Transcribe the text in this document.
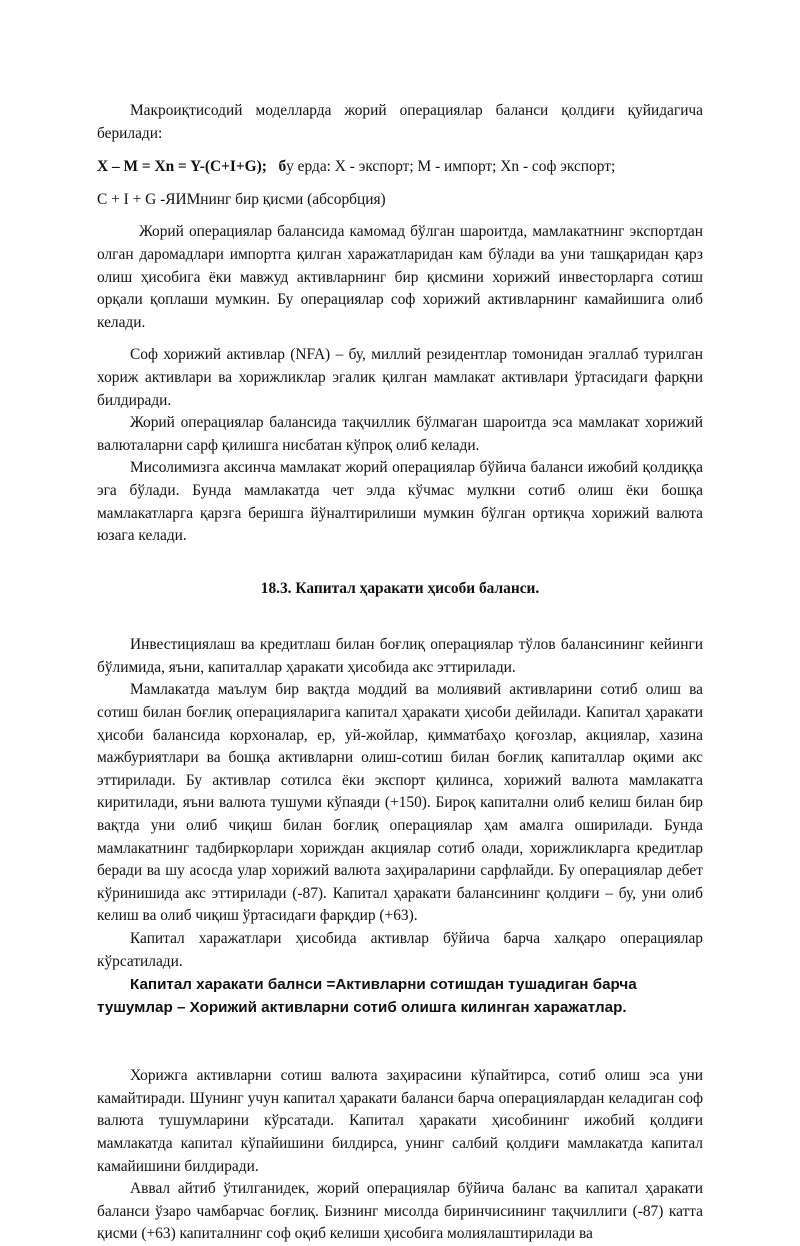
Макроиқтисодий моделларда жорий операциялар баланси қолдиғи қуйидагича берилади:

X – M = Xn = Y-(C+I+G); бу ерда: Х - экспорт; М - импорт; Xn - соф экспорт;

C + I + G -ЯИМнинг бир қисми (абсорбция)

Жорий операциялар балансида камомад бўлган шароитда, мамлакатнинг экспортдан олган даромадлари импортга қилган харажатларидан кам бўлади ва уни ташқаридан қарз олиш ҳисобига ёки мавжуд активларнинг бир қисмини хорижий инвесторларга сотиш орқали қоплаши мумкин. Бу операциялар соф хорижий активларнинг камайишига олиб келади.

Соф хорижий активлар (NFA) – бу, миллий резидентлар томонидан эгаллаб турилган хориж активлари ва хорижликлар эгалик қилган мамлакат активлари ўртасидаги фарқни билдиради.

Жорий операциялар балансида тақчиллик бўлмаган шароитда эса мамлакат хорижий валюталарни сарф қилишга нисбатан кўпроқ олиб келади.

Мисолимизга аксинча мамлакат жорий операциялар бўйича баланси ижобий қолдиққа эга бўлади. Бунда мамлакатда чет элда кўчмас мулкни сотиб олиш ёки бошқа мамлакатларга қарзга беришга йўналтирилиши мумкин бўлган ортиқча хорижий валюта юзага келади.

18.3. Капитал ҳаракати ҳисоби баланси.

Инвестициялаш ва кредитлаш билан боғлиқ операциялар тўлов балансининг кейинги бўлимида, яъни, капиталлар ҳаракати ҳисобида акс эттирилади.

Мамлакатда маълум бир вақтда моддий ва молиявий активларини сотиб олиш ва сотиш билан боғлиқ операцияларига капитал ҳаракати ҳисоби дейилади. Капитал ҳаракати ҳисоби балансида корхоналар, ер, уй-жойлар, қимматбаҳо қоғозлар, акциялар, хазина мажбуриятлари ва бошқа активларни олиш-сотиш билан боғлиқ капиталлар оқими акс эттирилади. Бу активлар сотилса ёки экспорт қилинса, хорижий валюта мамлакатга киритилади, яъни валюта тушуми кўпаяди (+150). Бироқ капитални олиб келиш билан бир вақтда уни олиб чиқиш билан боғлиқ операциялар ҳам амалга оширилади. Бунда мамлакатнинг тадбиркорлари хориждан акциялар сотиб олади, хорижликларга кредитлар беради ва шу асосда улар хорижий валюта заҳираларини сарфлайди. Бу операциялар дебет кўринишида акс эттирилади (-87). Капитал ҳаракати балансининг қолдиғи – бу, уни олиб келиш ва олиб чиқиш ўртасидаги фарқдир (+63).

Капитал харажатлари ҳисобида активлар бўйича барча халқаро операциялар кўрсатилади.

Капитал харакати балнси =Активларни сотишдан тушадиган барча тушумлар – Хорижий активларни сотиб олишга килинган харажатлар.

Хорижга активларни сотиш валюта заҳирасини кўпайтирса, сотиб олиш эса уни камайтиради. Шунинг учун капитал ҳаракати баланси барча операциялардан келадиган соф валюта тушумларини кўрсатади. Капитал ҳаракати ҳисобининг ижобий қолдиғи мамлакатда капитал кўпайишини билдирса, унинг салбий қолдиғи мамлакатда капитал камайишини билдиради.

Аввал айтиб ўтилганидек, жорий операциялар бўйича баланс ва капитал ҳаракати баланси ўзаро чамбарчас боғлиқ. Бизнинг мисолда биринчисининг тақчиллиги (-87) катта қисми (+63) капиталнинг соф оқиб келиши ҳисобига молиялаштирилади ва
